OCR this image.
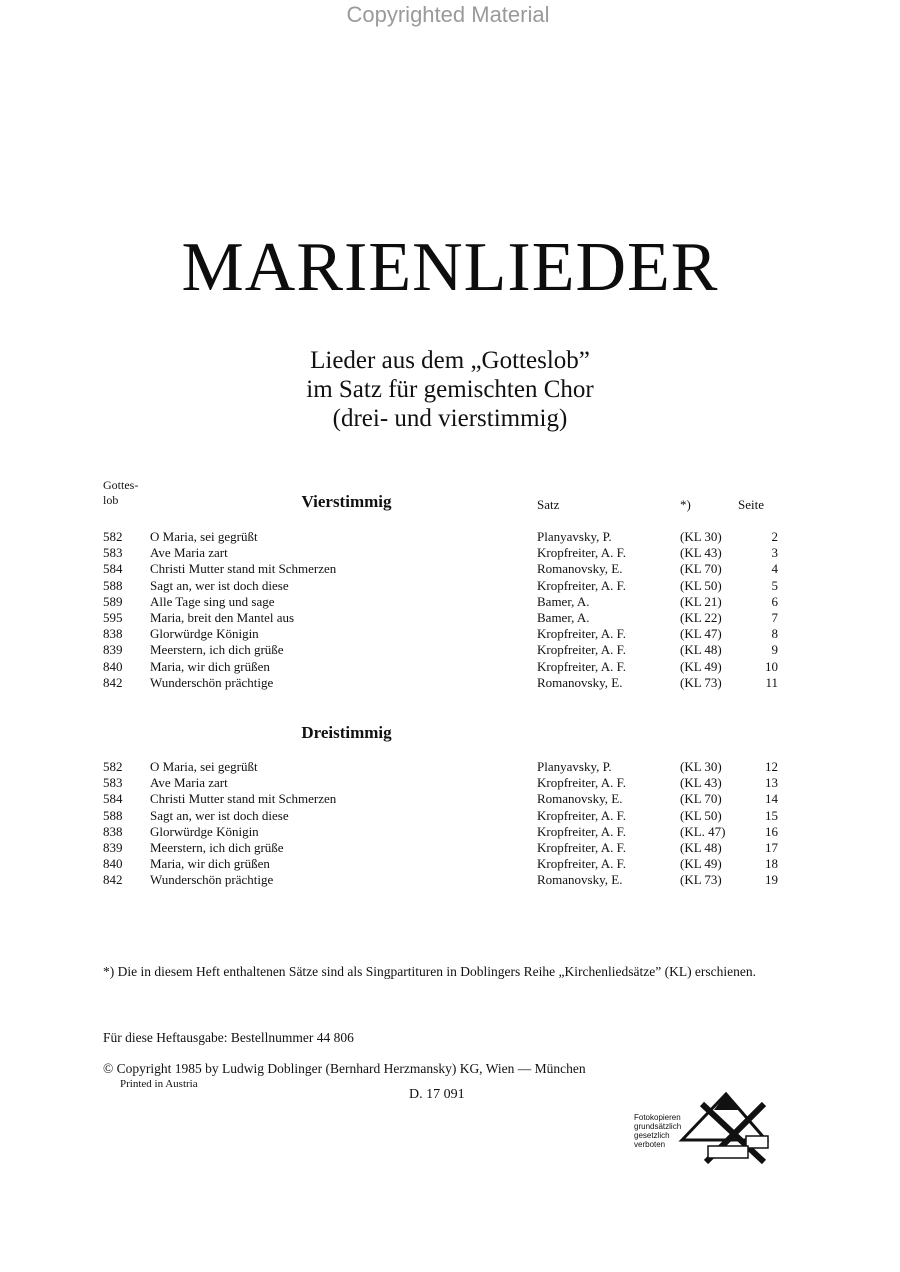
Copyrighted Material
MARIENLIEDER
Lieder aus dem „Gotteslob”
im Satz für gemischten Chor
(drei- und vierstimmig)
Gottes-
lob	Satz	*)	Seite
Vierstimmig
582 O Maria, sei gegrüßt	Planyavsky, P.	(KL 30)	2
583 Ave Maria zart	Kropfreiter, A. F.	(KL 43)	3
584 Christi Mutter stand mit Schmerzen	Romanovsky, E.	(KL 70)	4
588 Sagt an, wer ist doch diese	Kropfreiter, A. F.	(KL 50)	5
589 Alle Tage sing und sage	Bamer, A.	(KL 21)	6
595 Maria, breit den Mantel aus	Bamer, A.	(KL 22)	7
838 Glorwürdge Königin	Kropfreiter, A. F.	(KL 47)	8
839 Meerstern, ich dich grüße	Kropfreiter, A. F.	(KL 48)	9
840 Maria, wir dich grüßen	Kropfreiter, A. F.	(KL 49)	10
842 Wunderschön prächtige	Romanovsky, E.	(KL 73)	11
Dreistimmig
582 O Maria, sei gegrüßt	Planyavsky, P.	(KL 30)	12
583 Ave Maria zart	Kropfreiter, A. F.	(KL 43)	13
584 Christi Mutter stand mit Schmerzen	Romanovsky, E.	(KL 70)	14
588 Sagt an, wer ist doch diese	Kropfreiter, A. F.	(KL 50)	15
838 Glorwürdge Königin	Kropfreiter, A. F.	(KL. 47)	16
839 Meerstern, ich dich grüße	Kropfreiter, A. F.	(KL 48)	17
840 Maria, wir dich grüßen	Kropfreiter, A. F.	(KL 49)	18
842 Wunderschön prächtige	Romanovsky, E.	(KL 73)	19
*) Die in diesem Heft enthaltenen Sätze sind als Singpartituren in Doblingers Reihe „Kirchenliedsätze” (KL) erschienen.
Für diese Heftausgabe: Bestellnummer 44 806
© Copyright 1985 by Ludwig Doblinger (Bernhard Herzmansky) KG, Wien — München
Printed in Austria
D. 17 091
Fotokopieren grundsätzlich gesetzlich verboten
